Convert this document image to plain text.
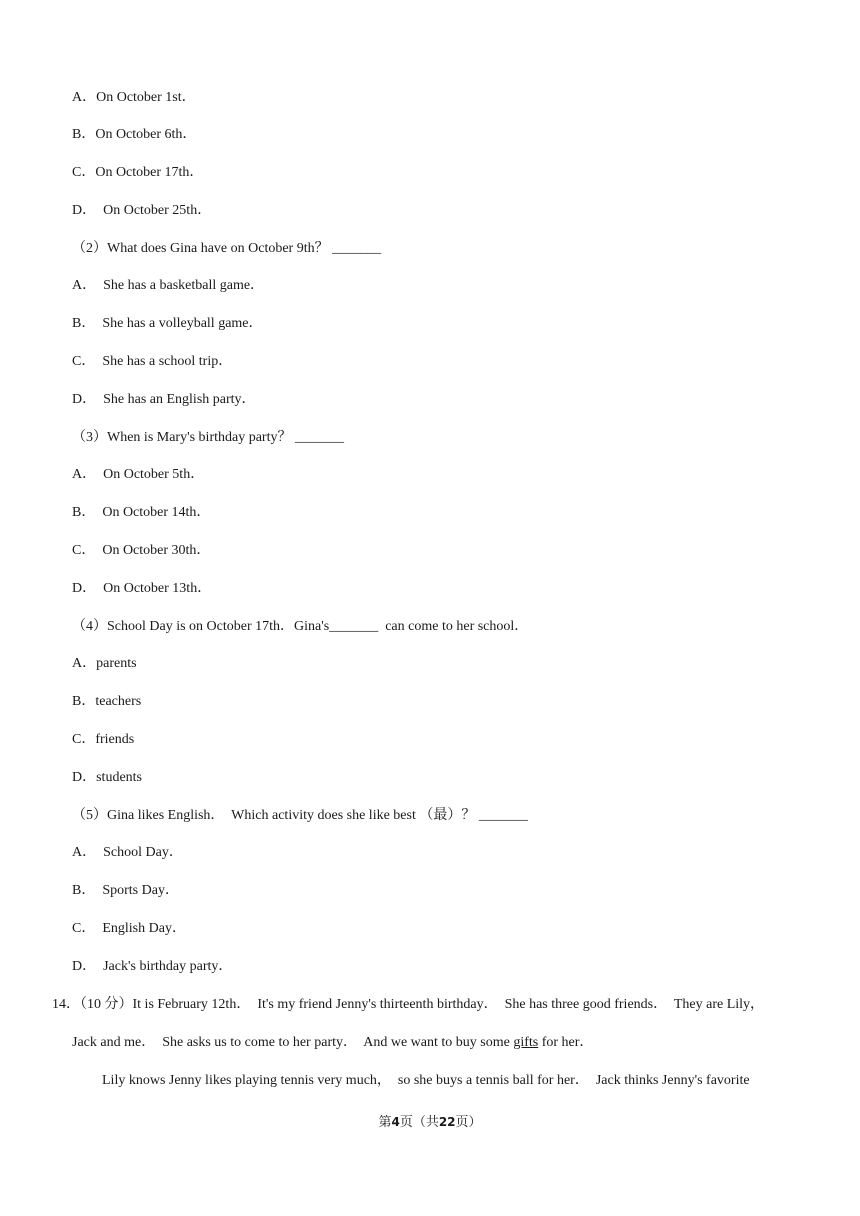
A．On October 1st．
B．On October 6th．
C．On October 17th．
D．  On October 25th．
（2）What does Gina have on October 9th？ _______
A．  She has a basketball game．
B．  She has a volleyball game．
C．  She has a school trip．
D．  She has an English party．
（3）When is Mary's birthday party？ _______
A．  On October 5th．
B．  On October 14th．
C．  On October 30th．
D．  On October 13th．
（4）School Day is on October 17th．Gina's_______  can come to her school．
A．parents
B．teachers
C．friends
D．students
（5）Gina likes English．  Which activity does she like best （最）？ _______
A．  School Day．
B．  Sports Day．
C．  English Day．
D．  Jack's birthday party．
14．（10 分）It is February 12th．  It's my friend Jenny's thirteenth birthday．  She has three good friends．  They are Lily，
Jack and me．  She asks us to come to her party．  And we want to buy some gifts for her．
Lily knows Jenny likes playing tennis very much，  so she buys a tennis ball for her．  Jack thinks Jenny's favorite
第4页（共22页）
